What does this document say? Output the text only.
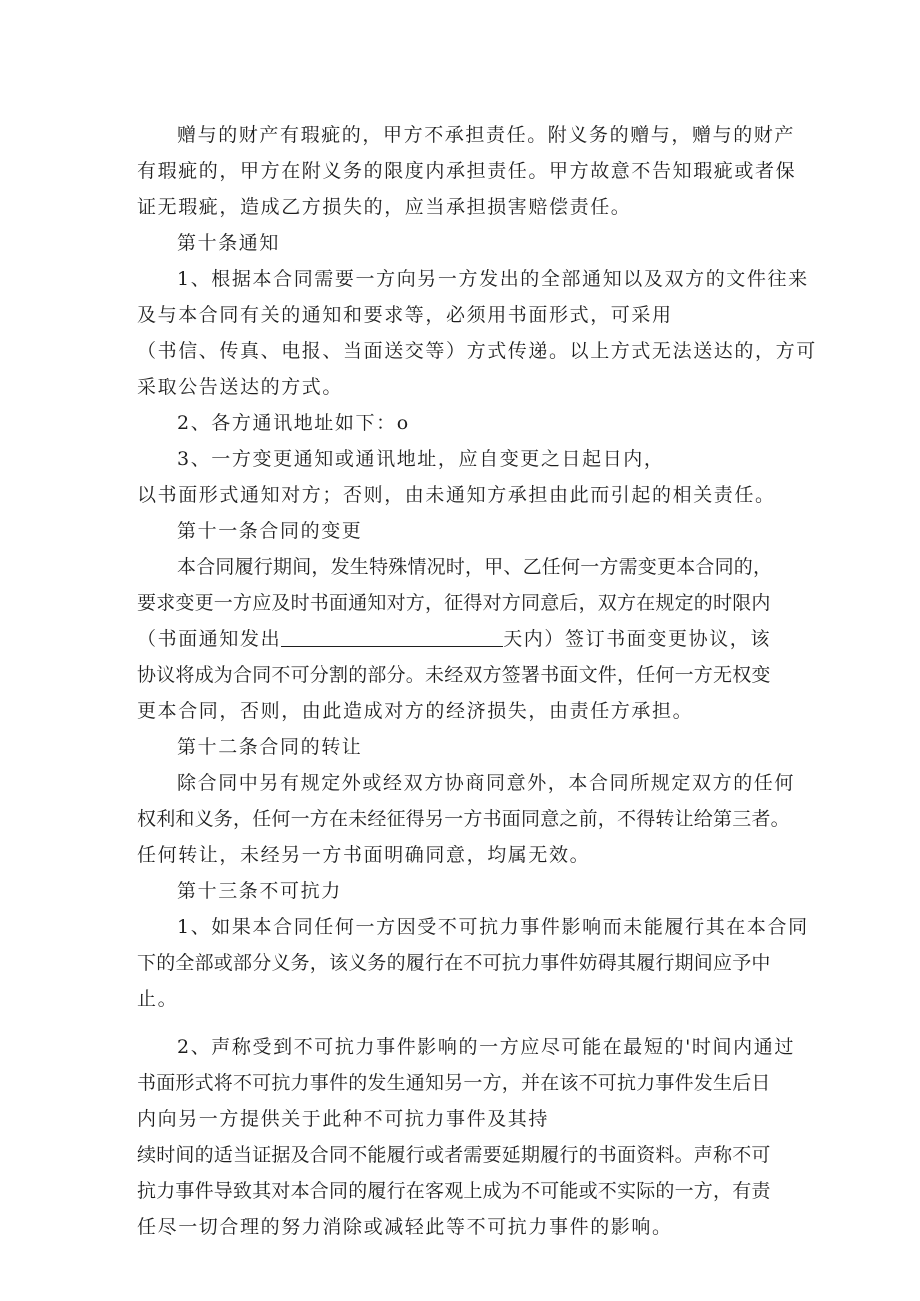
赠与的财产有瑕疵的，甲方不承担责任。附义务的赠与，赠与的财产
有瑕疵的，甲方在附义务的限度内承担责任。甲方故意不告知瑕疵或者保
证无瑕疵，造成乙方损失的，应当承担损害赔偿责任。
第十条通知
1、根据本合同需要一方向另一方发出的全部通知以及双方的文件往来
及与本合同有关的通知和要求等，必须用书面形式，可采用
（书信、传真、电报、当面送交等）方式传递。以上方式无法送达的，方可
采取公告送达的方式。
2、各方通讯地址如下：o
3、一方变更通知或通讯地址，应自变更之日起日内，
以书面形式通知对方；否则，由未通知方承担由此而引起的相关责任。
第十一条合同的变更
本合同履行期间，发生特殊情况时，甲、乙任何一方需变更本合同的，
要求变更一方应及时书面通知对方，征得对方同意后，双方在规定的时限内
（书面通知发出	天内）签订书面变更协议，该
协议将成为合同不可分割的部分。未经双方签署书面文件，任何一方无权变
更本合同，否则，由此造成对方的经济损失，由责任方承担。
第十二条合同的转让
除合同中另有规定外或经双方协商同意外，本合同所规定双方的任何
权利和义务，任何一方在未经征得另一方书面同意之前，不得转让给第三者。
任何转让，未经另一方书面明确同意，均属无效。
第十三条不可抗力
1、如果本合同任何一方因受不可抗力事件影响而未能履行其在本合同
下的全部或部分义务，该义务的履行在不可抗力事件妨碍其履行期间应予中
止。
2、声称受到不可抗力事件影响的一方应尽可能在最短的'时间内通过
书面形式将不可抗力事件的发生通知另一方，并在该不可抗力事件发生后日
内向另一方提供关于此种不可抗力事件及其持
续时间的适当证据及合同不能履行或者需要延期履行的书面资料。声称不可
抗力事件导致其对本合同的履行在客观上成为不可能或不实际的一方，有责
任尽一切合理的努力消除或减轻此等不可抗力事件的影响。
